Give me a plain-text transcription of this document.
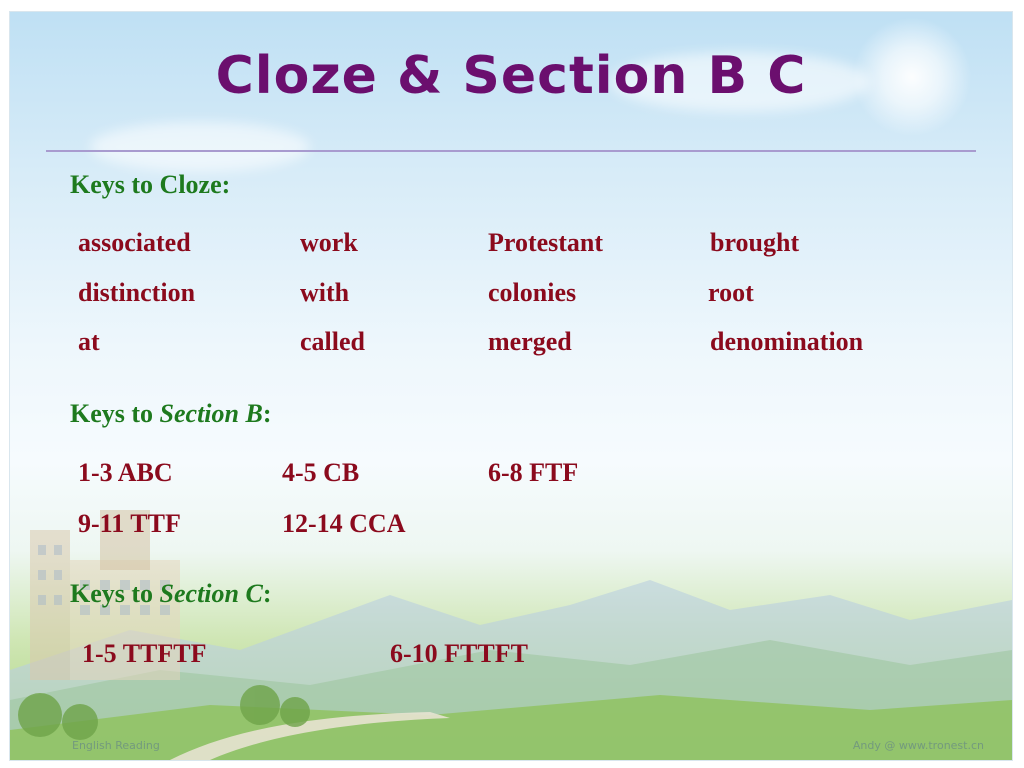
Cloze & Section B C

Keys to Cloze:

associated	work	Protestant	brought
distinction	with	colonies	root
at	called	merged	denomination

Keys to Section B:

1-3 ABC	4-5 CB	6-8 FTF
9-11 TTF	12-14 CCA

Keys to Section C:

1-5 TTFTF	6-10 FTTFT
English Reading	Andy @ www.tronest.cn
